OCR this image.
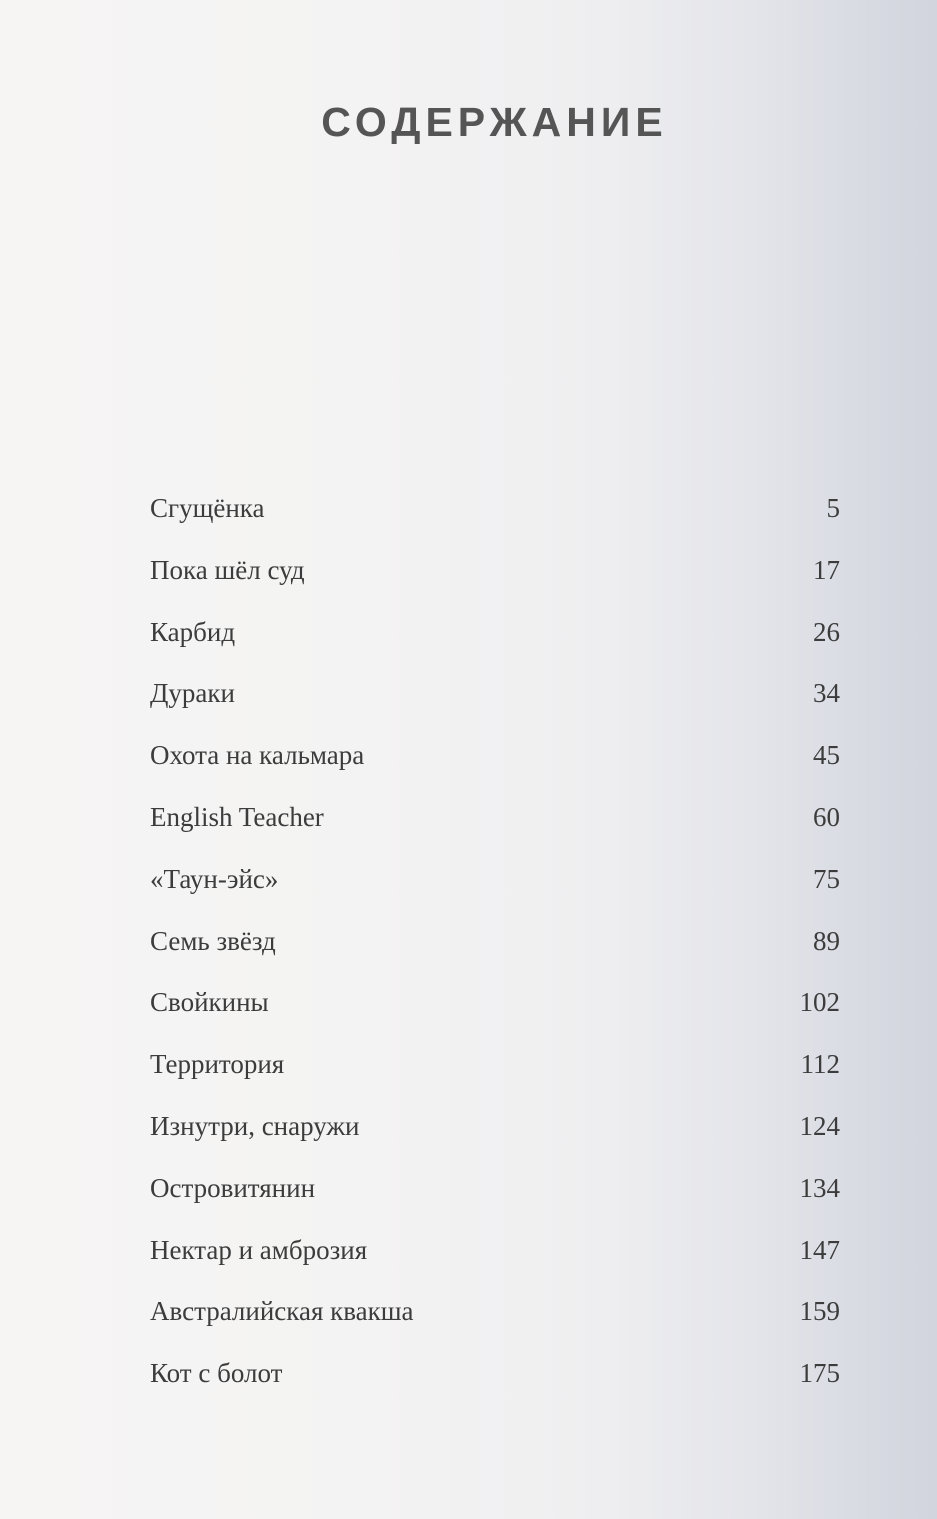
СОДЕРЖАНИЕ
Сгущёнка	5
Пока шёл суд	17
Карбид	26
Дураки	34
Охота на кальмара	45
English Teacher	60
«Таун-эйс»	75
Семь звёзд	89
Свойкины	102
Территория	112
Изнутри, снаружи	124
Островитянин	134
Нектар и амброзия	147
Австралийская квакша	159
Кот с болот	175
